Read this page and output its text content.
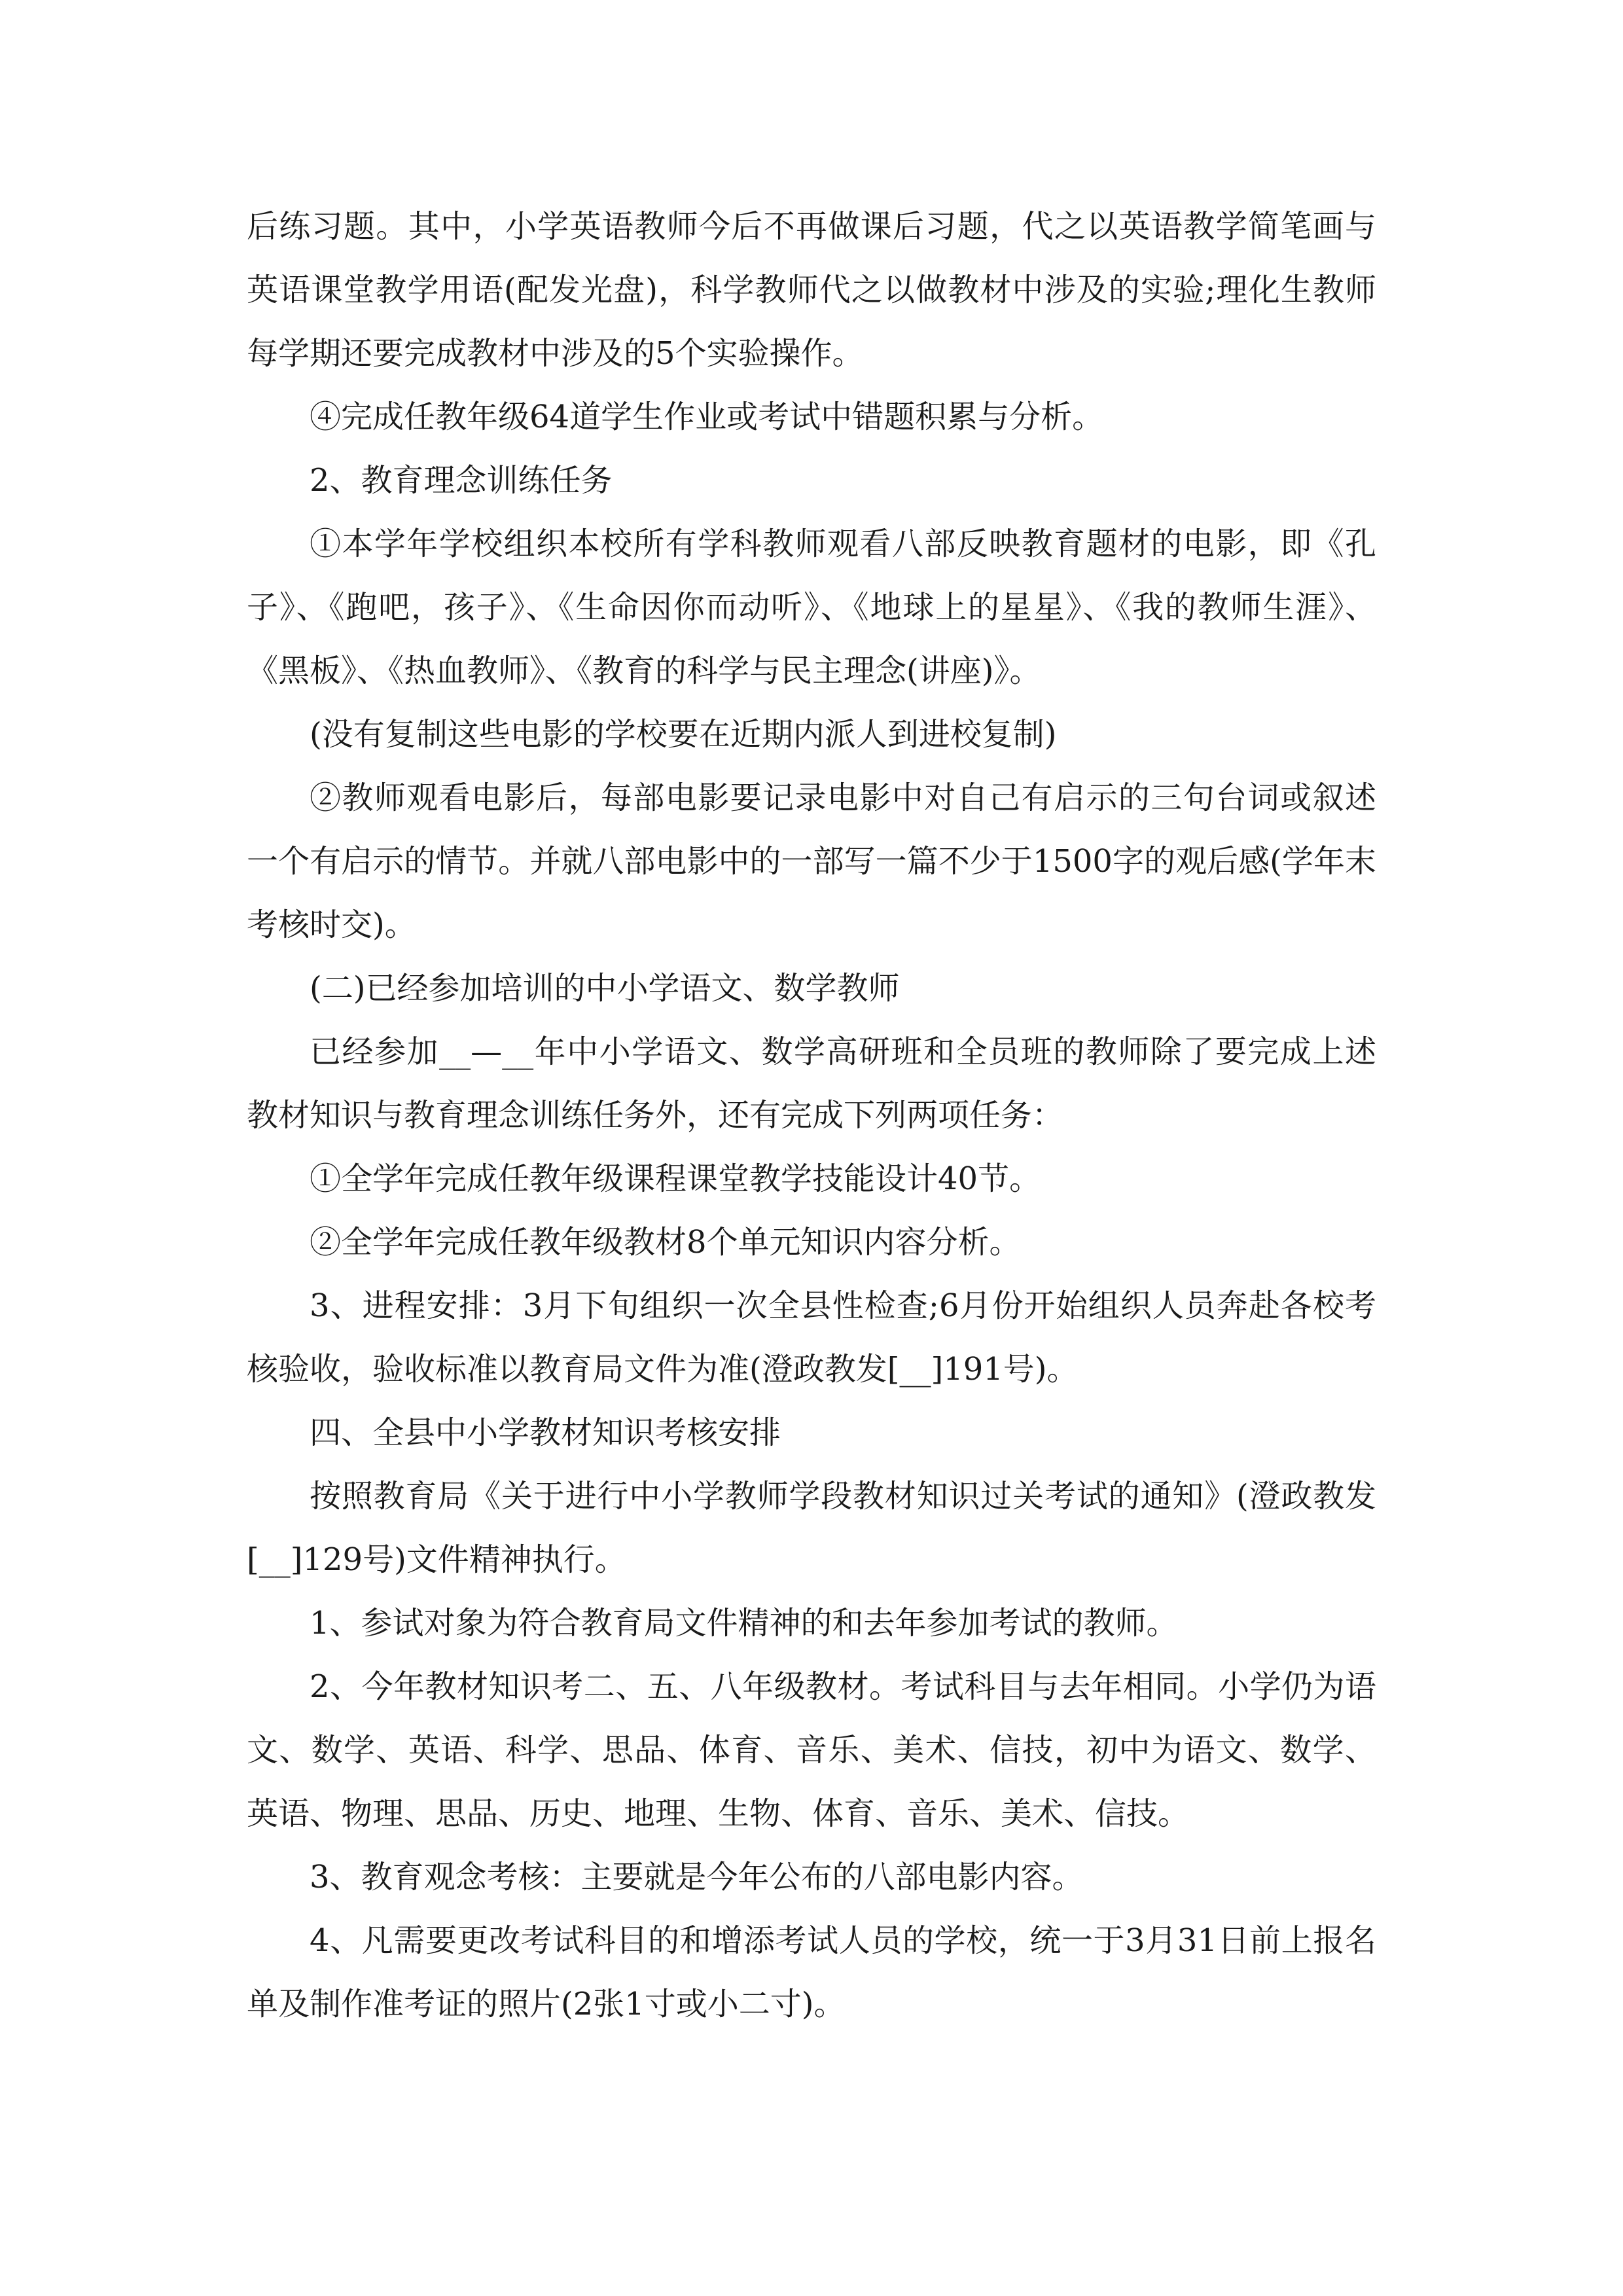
后练习题。其中，小学英语教师今后不再做课后习题，代之以英语教学简笔画与英语课堂教学用语(配发光盘)，科学教师代之以做教材中涉及的实验;理化生教师每学期还要完成教材中涉及的5个实验操作。

④完成任教年级64道学生作业或考试中错题积累与分析。

2、教育理念训练任务

①本学年学校组织本校所有学科教师观看八部反映教育题材的电影，即《孔子》、《跑吧，孩子》、《生命因你而动听》、《地球上的星星》、《我的教师生涯》、《黑板》、《热血教师》、《教育的科学与民主理念(讲座)》。

(没有复制这些电影的学校要在近期内派人到进校复制)

②教师观看电影后，每部电影要记录电影中对自己有启示的三句台词或叙述一个有启示的情节。并就八部电影中的一部写一篇不少于1500字的观后感(学年末考核时交)。

(二)已经参加培训的中小学语文、数学教师

已经参加__—__年中小学语文、数学高研班和全员班的教师除了要完成上述教材知识与教育理念训练任务外，还有完成下列两项任务：

①全学年完成任教年级课程课堂教学技能设计40节。

②全学年完成任教年级教材8个单元知识内容分析。

3、进程安排：3月下旬组织一次全县性检查;6月份开始组织人员奔赴各校考核验收，验收标准以教育局文件为准(澄政教发[__]191号)。

四、全县中小学教材知识考核安排

按照教育局《关于进行中小学教师学段教材知识过关考试的通知》(澄政教发[__]129号)文件精神执行。

1、参试对象为符合教育局文件精神的和去年参加考试的教师。

2、今年教材知识考二、五、八年级教材。考试科目与去年相同。小学仍为语文、数学、英语、科学、思品、体育、音乐、美术、信技，初中为语文、数学、英语、物理、思品、历史、地理、生物、体育、音乐、美术、信技。

3、教育观念考核：主要就是今年公布的八部电影内容。

4、凡需要更改考试科目的和增添考试人员的学校，统一于3月31日前上报名单及制作准考证的照片(2张1寸或小二寸)。
